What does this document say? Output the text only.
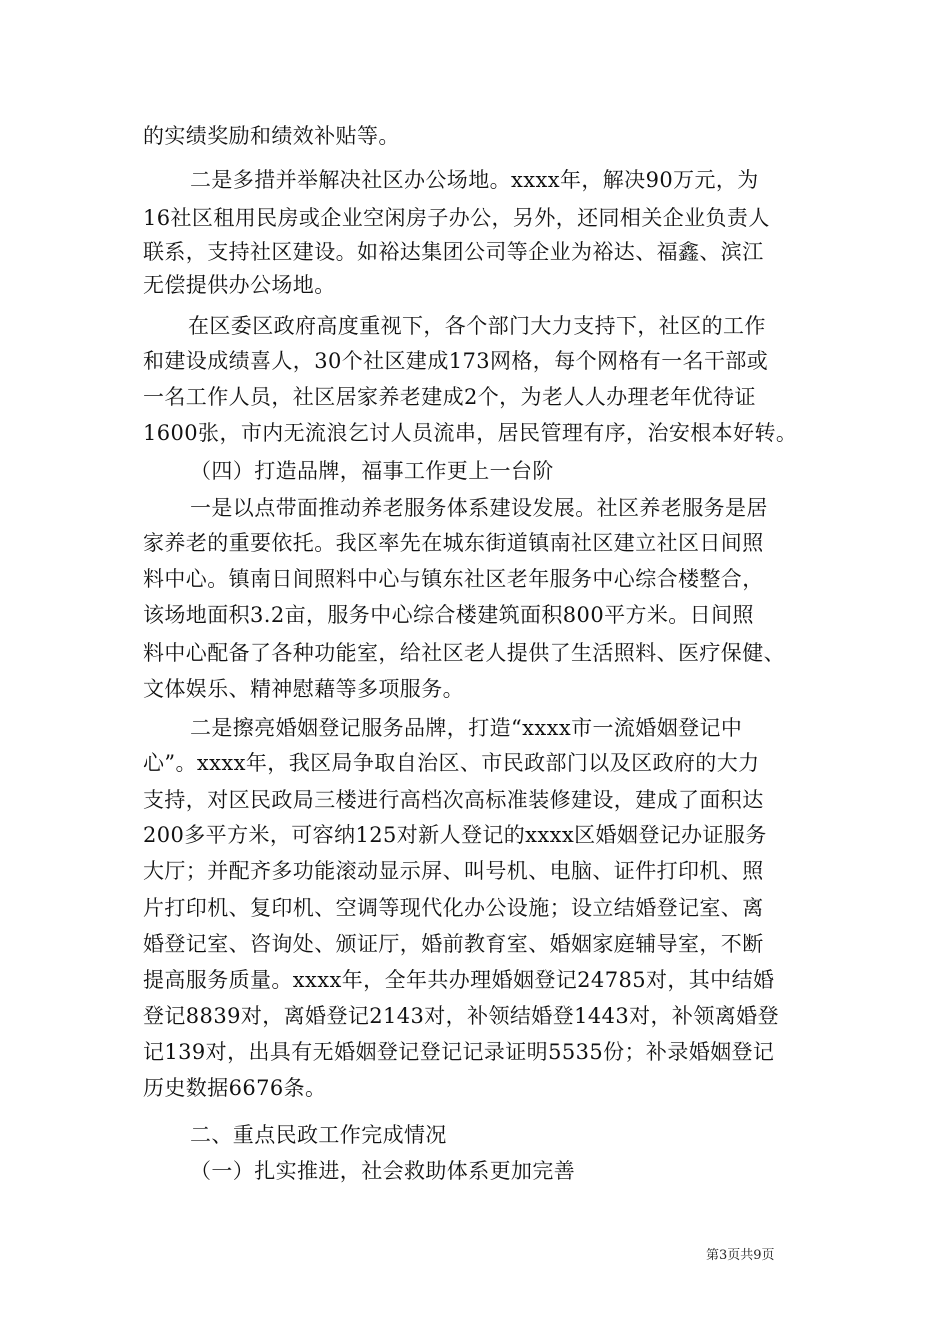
的实绩奖励和绩效补贴等。
二是多措并举解决社区办公场地。xxxx年，解决90万元，为
16社区租用民房或企业空闲房子办公，另外，还同相关企业负责人
联系，支持社区建设。如裕达集团公司等企业为裕达、福鑫、滨江
无偿提供办公场地。
在区委区政府高度重视下，各个部门大力支持下，社区的工作
和建设成绩喜人，30个社区建成173网格，每个网格有一名干部或
一名工作人员，社区居家养老建成2个，为老人人办理老年优待证
1600张，市内无流浪乞讨人员流串，居民管理有序，治安根本好转。
（四）打造品牌，福事工作更上一台阶
一是以点带面推动养老服务体系建设发展。社区养老服务是居
家养老的重要依托。我区率先在城东街道镇南社区建立社区日间照
料中心。镇南日间照料中心与镇东社区老年服务中心综合楼整合，
该场地面积3.2亩，服务中心综合楼建筑面积800平方米。日间照
料中心配备了各种功能室，给社区老人提供了生活照料、医疗保健、
文体娱乐、精神慰藉等多项服务。
二是擦亮婚姻登记服务品牌，打造“xxxx市一流婚姻登记中
心”。xxxx年，我区局争取自治区、市民政部门以及区政府的大力
支持，对区民政局三楼进行高档次高标准装修建设，建成了面积达
200多平方米，可容纳125对新人登记的xxxx区婚姻登记办证服务
大厅；并配齐多功能滚动显示屏、叫号机、电脑、证件打印机、照
片打印机、复印机、空调等现代化办公设施；设立结婚登记室、离
婚登记室、咨询处、颁证厅，婚前教育室、婚姻家庭辅导室，不断
提高服务质量。xxxx年，全年共办理婚姻登记24785对，其中结婚
登记8839对，离婚登记2143对，补领结婚登1443对，补领离婚登
记139对，出具有无婚姻登记登记记录证明5535份；补录婚姻登记
历史数据6676条。
二、重点民政工作完成情况
（一）扎实推进，社会救助体系更加完善
第3页共9页
